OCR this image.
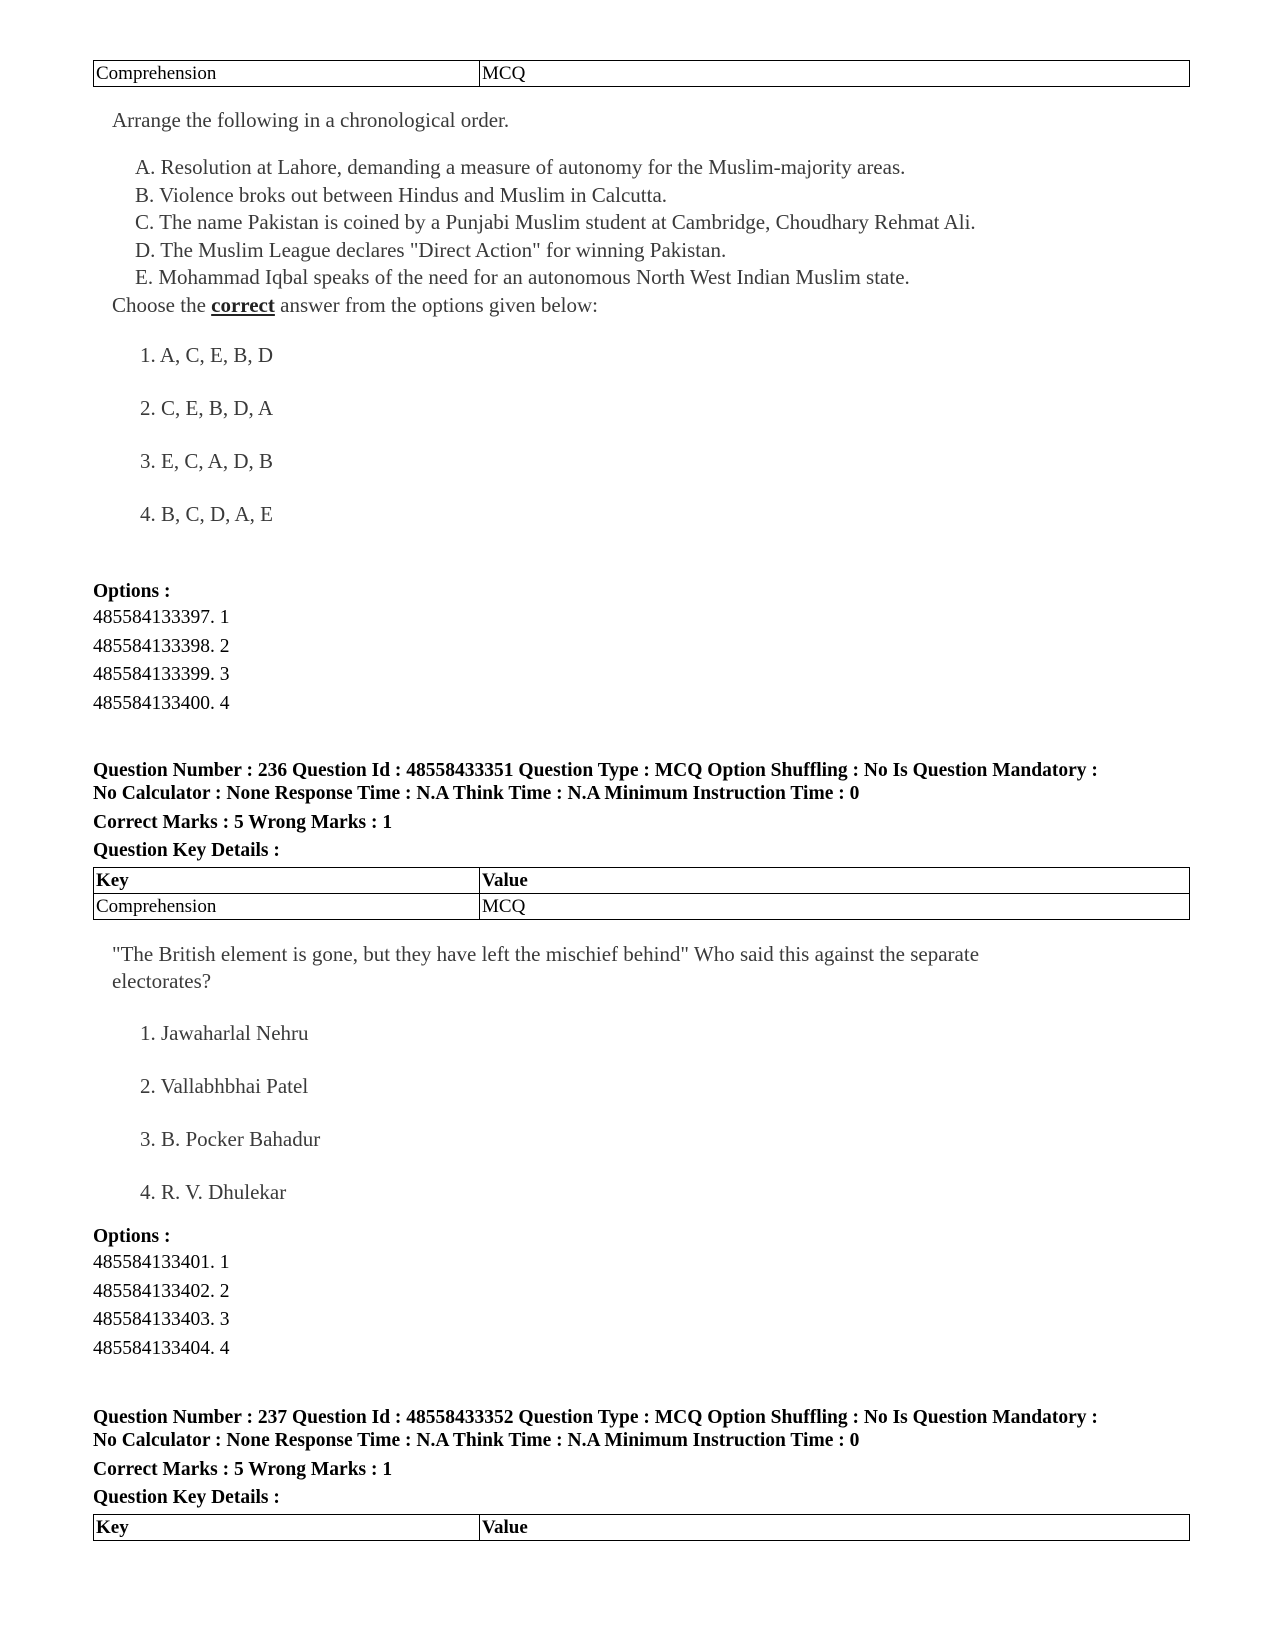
Comprehension	MCQ

Arrange the following in a chronological order.

A. Resolution at Lahore, demanding a measure of autonomy for the Muslim-majority areas.
B. Violence broks out between Hindus and Muslim in Calcutta.
C. The name Pakistan is coined by a Punjabi Muslim student at Cambridge, Choudhary Rehmat Ali.
D. The Muslim League declares "Direct Action" for winning Pakistan.
E. Mohammad Iqbal speaks of the need for an autonomous North West Indian Muslim state.

Choose the correct answer from the options given below:

1. A, C, E, B, D
2. C, E, B, D, A
3. E, C, A, D, B
4. B, C, D, A, E
Options :
485584133397. 1
485584133398. 2
485584133399. 3
485584133400. 4
Question Number : 236 Question Id : 48558433351 Question Type : MCQ Option Shuffling : No Is Question Mandatory :
No Calculator : None Response Time : N.A Think Time : N.A Minimum Instruction Time : 0
Correct Marks : 5 Wrong Marks : 1
Question Key Details :
Key	Value
Comprehension	MCQ

"The British element is gone, but they have left the mischief behind" Who said this against the separate electorates?

1. Jawaharlal Nehru
2. Vallabhbhai Patel
3. B. Pocker Bahadur
4. R. V. Dhulekar
Options :
485584133401. 1
485584133402. 2
485584133403. 3
485584133404. 4
Question Number : 237 Question Id : 48558433352 Question Type : MCQ Option Shuffling : No Is Question Mandatory :
No Calculator : None Response Time : N.A Think Time : N.A Minimum Instruction Time : 0
Correct Marks : 5 Wrong Marks : 1
Question Key Details :
Key	Value
